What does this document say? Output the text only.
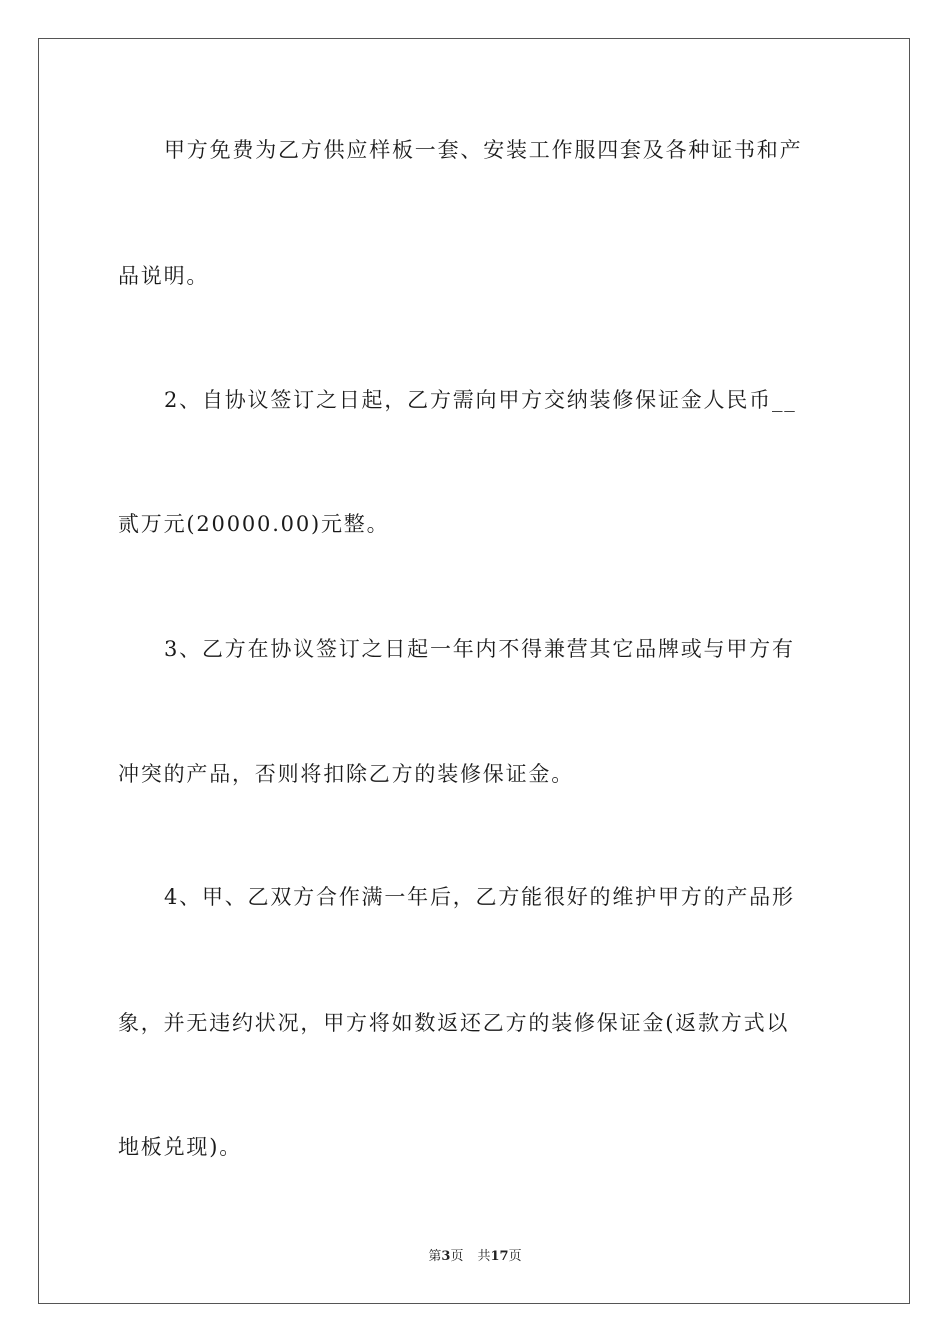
甲方免费为乙方供应样板一套、安装工作服四套及各种证书和产
品说明。
2、自协议签订之日起，乙方需向甲方交纳装修保证金人民币__
贰万元(20000.00)元整。
3、乙方在协议签订之日起一年内不得兼营其它品牌或与甲方有
冲突的产品，否则将扣除乙方的装修保证金。
4、甲、乙双方合作满一年后，乙方能很好的维护甲方的产品形
象，并无违约状况，甲方将如数返还乙方的装修保证金(返款方式以
地板兑现)。
第3页 共17页
